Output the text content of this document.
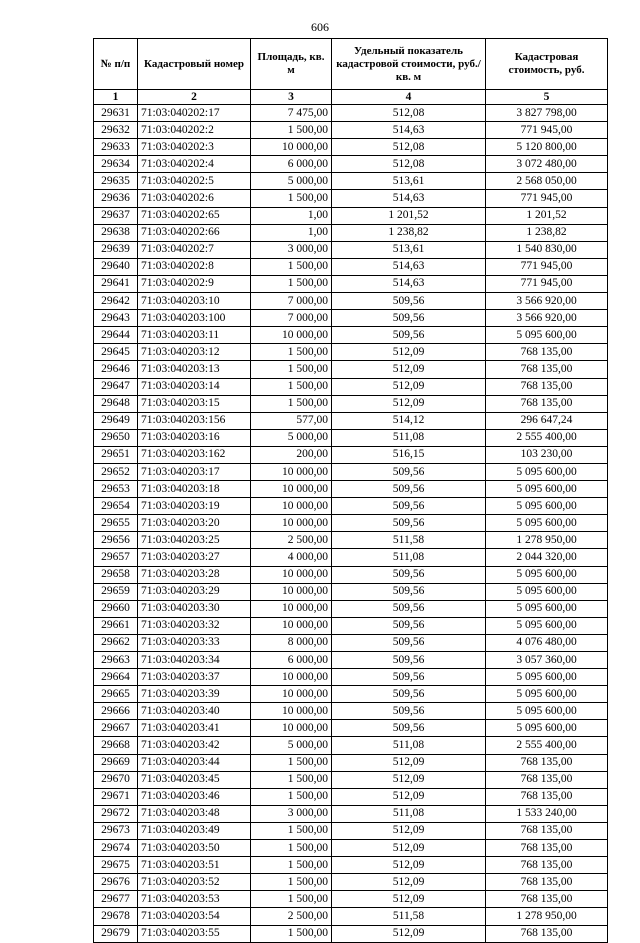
606
№ п/п	Кадастровый номер	Площадь, кв. м	Удельный показатель кадастровой стоимости, руб./кв. м	Кадастровая стоимость, руб.
1	2	3	4	5
29631	71:03:040202:17	7 475,00	512,08	3 827 798,00
29632	71:03:040202:2	1 500,00	514,63	771 945,00
29633	71:03:040202:3	10 000,00	512,08	5 120 800,00
29634	71:03:040202:4	6 000,00	512,08	3 072 480,00
29635	71:03:040202:5	5 000,00	513,61	2 568 050,00
29636	71:03:040202:6	1 500,00	514,63	771 945,00
29637	71:03:040202:65	1,00	1 201,52	1 201,52
29638	71:03:040202:66	1,00	1 238,82	1 238,82
29639	71:03:040202:7	3 000,00	513,61	1 540 830,00
29640	71:03:040202:8	1 500,00	514,63	771 945,00
29641	71:03:040202:9	1 500,00	514,63	771 945,00
29642	71:03:040203:10	7 000,00	509,56	3 566 920,00
29643	71:03:040203:100	7 000,00	509,56	3 566 920,00
29644	71:03:040203:11	10 000,00	509,56	5 095 600,00
29645	71:03:040203:12	1 500,00	512,09	768 135,00
29646	71:03:040203:13	1 500,00	512,09	768 135,00
29647	71:03:040203:14	1 500,00	512,09	768 135,00
29648	71:03:040203:15	1 500,00	512,09	768 135,00
29649	71:03:040203:156	577,00	514,12	296 647,24
29650	71:03:040203:16	5 000,00	511,08	2 555 400,00
29651	71:03:040203:162	200,00	516,15	103 230,00
29652	71:03:040203:17	10 000,00	509,56	5 095 600,00
29653	71:03:040203:18	10 000,00	509,56	5 095 600,00
29654	71:03:040203:19	10 000,00	509,56	5 095 600,00
29655	71:03:040203:20	10 000,00	509,56	5 095 600,00
29656	71:03:040203:25	2 500,00	511,58	1 278 950,00
29657	71:03:040203:27	4 000,00	511,08	2 044 320,00
29658	71:03:040203:28	10 000,00	509,56	5 095 600,00
29659	71:03:040203:29	10 000,00	509,56	5 095 600,00
29660	71:03:040203:30	10 000,00	509,56	5 095 600,00
29661	71:03:040203:32	10 000,00	509,56	5 095 600,00
29662	71:03:040203:33	8 000,00	509,56	4 076 480,00
29663	71:03:040203:34	6 000,00	509,56	3 057 360,00
29664	71:03:040203:37	10 000,00	509,56	5 095 600,00
29665	71:03:040203:39	10 000,00	509,56	5 095 600,00
29666	71:03:040203:40	10 000,00	509,56	5 095 600,00
29667	71:03:040203:41	10 000,00	509,56	5 095 600,00
29668	71:03:040203:42	5 000,00	511,08	2 555 400,00
29669	71:03:040203:44	1 500,00	512,09	768 135,00
29670	71:03:040203:45	1 500,00	512,09	768 135,00
29671	71:03:040203:46	1 500,00	512,09	768 135,00
29672	71:03:040203:48	3 000,00	511,08	1 533 240,00
29673	71:03:040203:49	1 500,00	512,09	768 135,00
29674	71:03:040203:50	1 500,00	512,09	768 135,00
29675	71:03:040203:51	1 500,00	512,09	768 135,00
29676	71:03:040203:52	1 500,00	512,09	768 135,00
29677	71:03:040203:53	1 500,00	512,09	768 135,00
29678	71:03:040203:54	2 500,00	511,58	1 278 950,00
29679	71:03:040203:55	1 500,00	512,09	768 135,00
